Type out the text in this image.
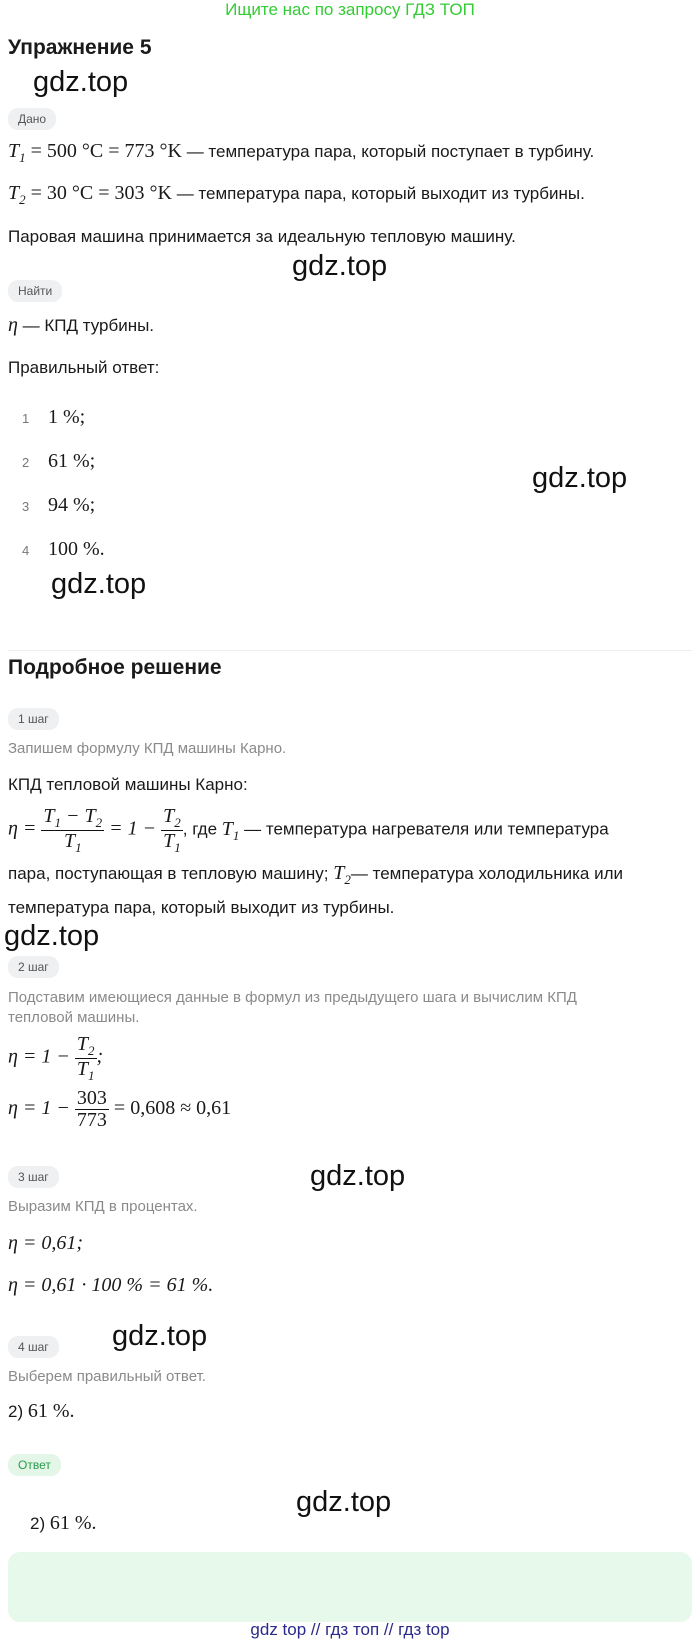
Ищите нас по запросу ГДЗ ТОП
Упражнение 5
gdz.top
Дано
$T_1 = 500$ °C = 773 °K — температура пара, который поступает в турбину.
$T_2 = 30$ °C = 303 °K — температура пара, который выходит из турбины.
Паровая машина принимается за идеальную тепловую машину.
gdz.top
Найти
η — КПД турбины.
Правильный ответ:
1 1 %;
2 61 %;
3 94 %;
4 100 %.
gdz.top
gdz.top
Подробное решение
1 шаг
Запишем формулу КПД машины Карно.
КПД тепловой машины Карно:
$\eta = \frac{T_1 - T_2}{T_1} = 1 - \frac{T_2}{T_1}$ , где $T_1$ — температура нагревателя или температура
пара, поступающая в тепловую машину; $T_2—$ температура холодильника или
температура пара, который выходит из турбины.
gdz.top
2 шаг
Подставим имеющиеся данные в формул из предыдущего шага и вычислим КПД
тепловой машины.
$\eta = 1 - \frac{T_2}{T_1}$ ;
$\eta = 1 - \frac{303}{773} = 0,608 \approx 0,61$
gdz.top
3 шаг
Выразим КПД в процентах.
η = 0,61;
η = 0,61 · 100 % = 61 %.
gdz.top
4 шаг
Выберем правильный ответ.
2) 61 %.
Ответ
gdz.top
2) 61 %.
gdz top // гдз топ // гдз top
